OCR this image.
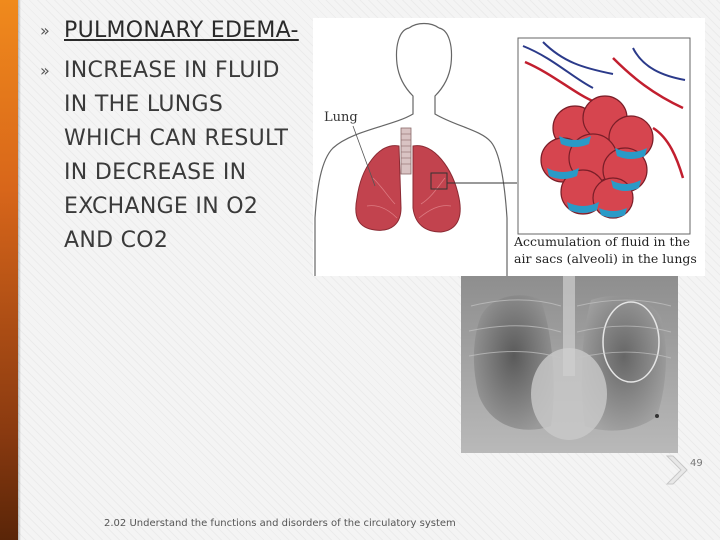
» PULMONARY EDEMA-
» INCREASE IN FLUID IN THE LUNGS WHICH CAN RESULT IN DECREASE IN EXCHANGE IN O2 AND CO2
Lung
Accumulation of fluid in the
air sacs (alveoli) in the lungs
49
2.02 Understand the functions and disorders of the circulatory system
